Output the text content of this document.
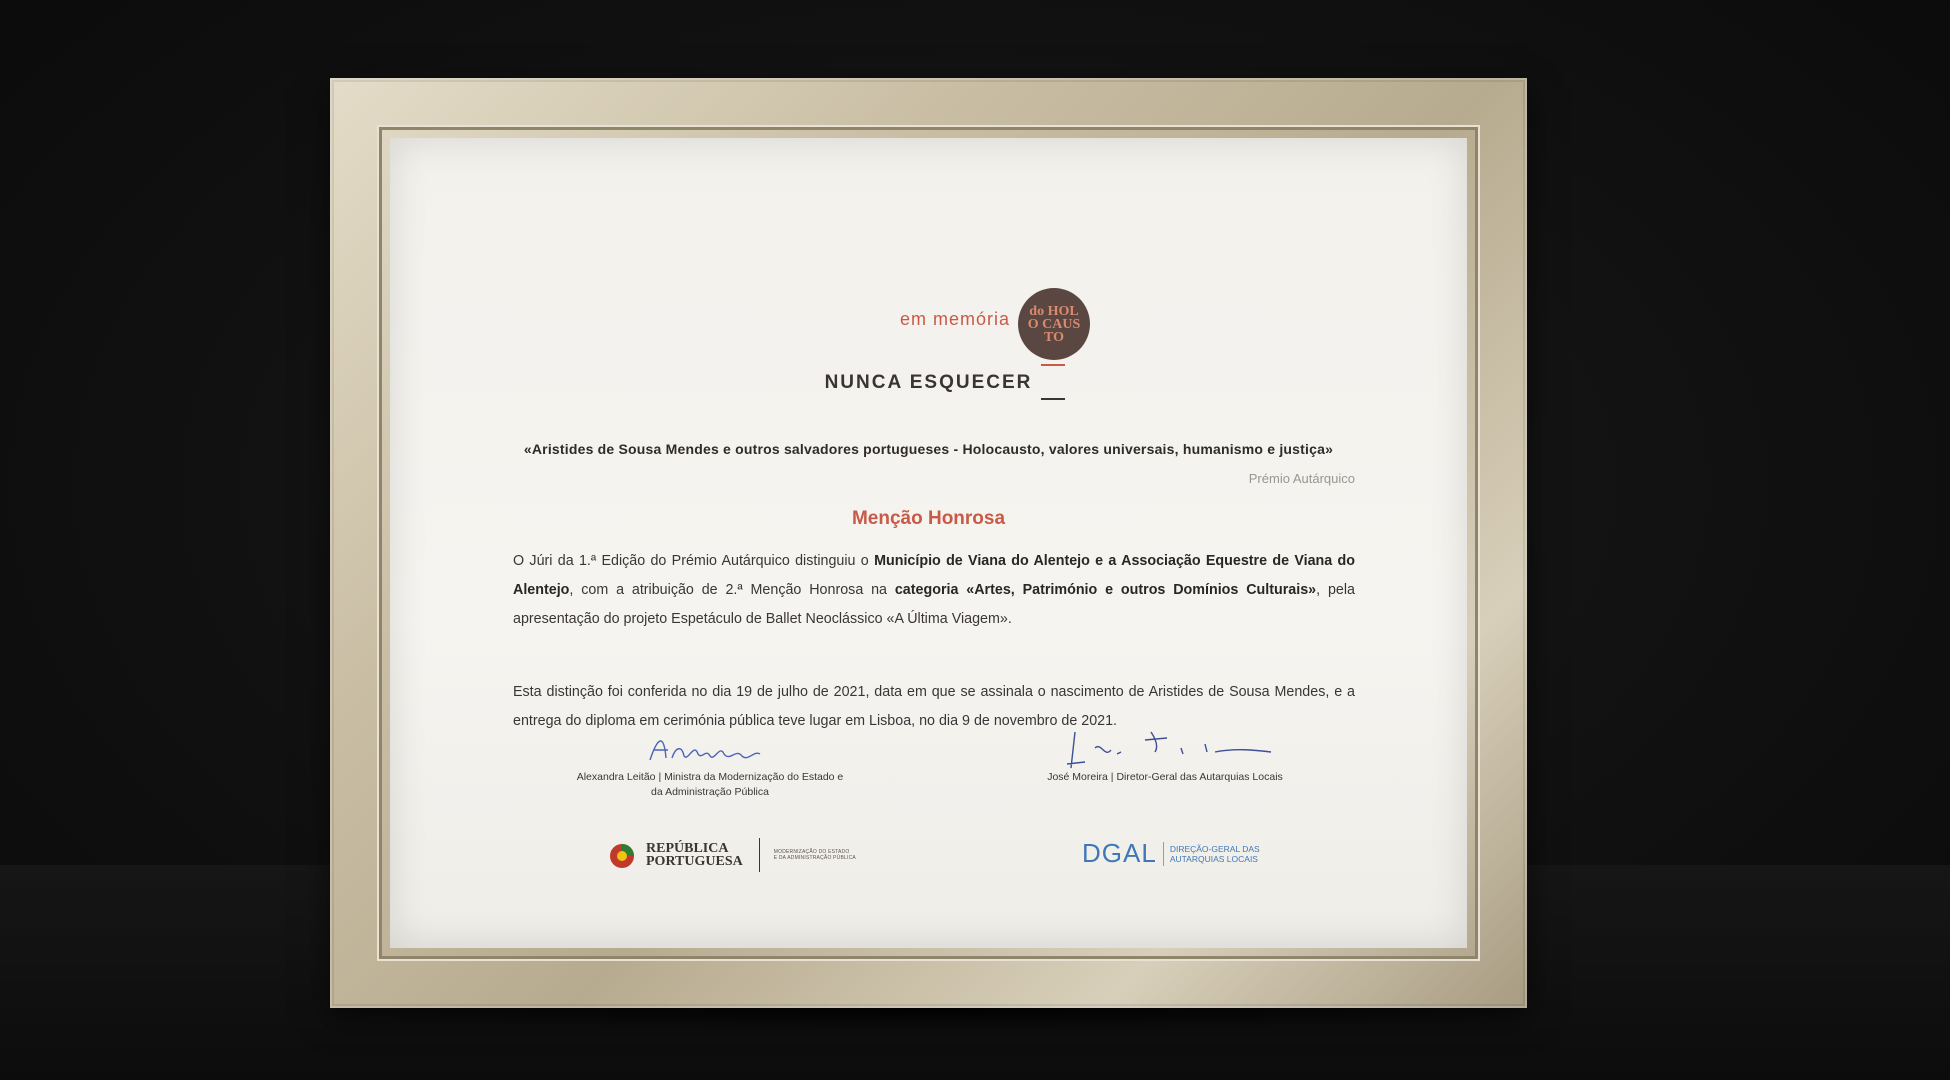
em memória	do HOLO CAUS TO
NUNCA ESQUECER
«Aristides de Sousa Mendes e outros salvadores portugueses - Holocausto, valores universais, humanismo e justiça»
Prémio Autárquico
Menção Honrosa
O Júri da 1.ª Edição do Prémio Autárquico distinguiu o Município de Viana do Alentejo e a Associação Equestre de Viana do Alentejo, com a atribuição de 2.ª Menção Honrosa na categoria «Artes, Património e outros Domínios Culturais», pela apresentação do projeto Espetáculo de Ballet Neoclássico «A Última Viagem».
Esta distinção foi conferida no dia 19 de julho de 2021, data em que se assinala o nascimento de Aristides de Sousa Mendes, e a entrega do diploma em cerimónia pública teve lugar em Lisboa, no dia 9 de novembro de 2021.
Alexandra Leitão | Ministra da Modernização do Estado e
da Administração Pública
José Moreira | Diretor-Geral das Autarquias Locais
REPÚBLICA
PORTUGUESA
MODERNIZAÇÃO DO ESTADO
E DA ADMINISTRAÇÃO PÚBLICA	DGAL DIREÇÃO-GERAL DAS
AUTARQUIAS LOCAIS
